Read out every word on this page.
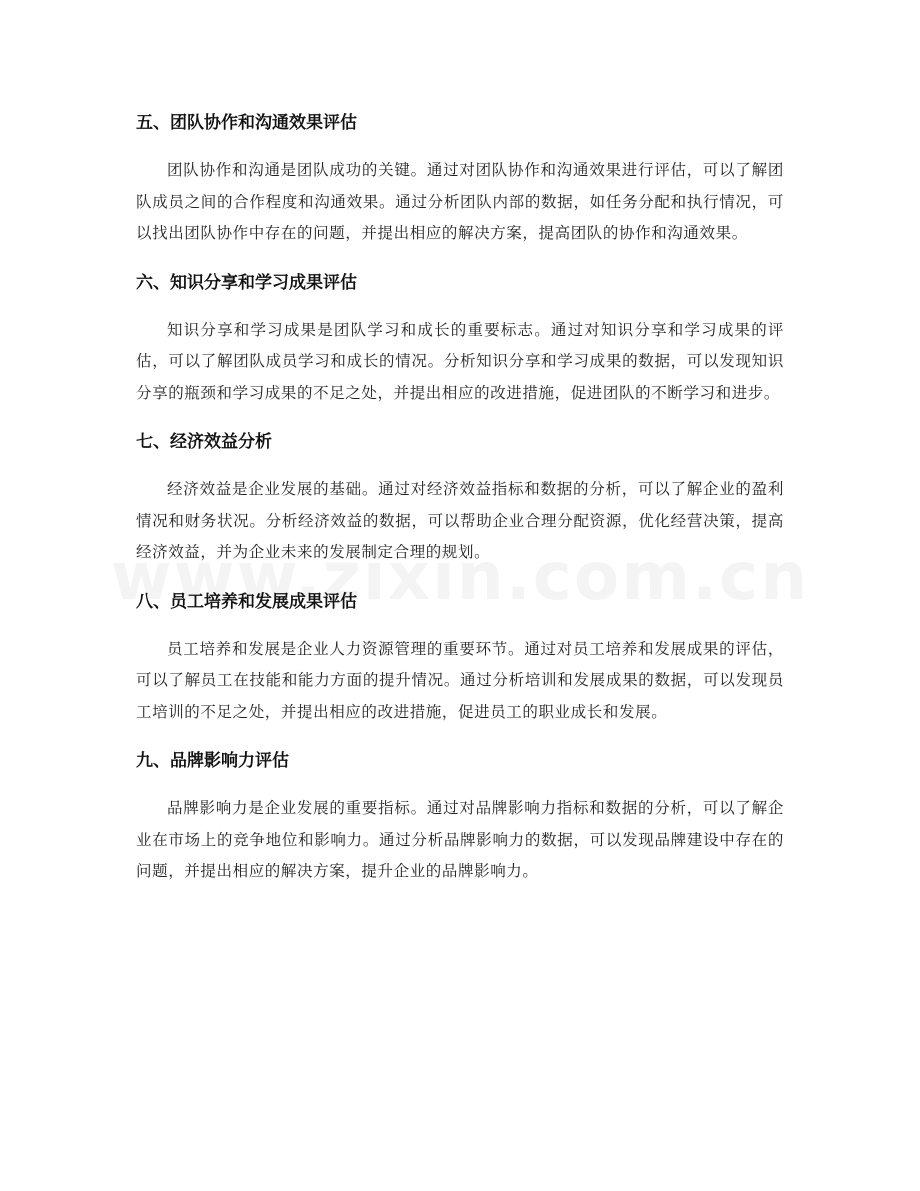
五、团队协作和沟通效果评估

团队协作和沟通是团队成功的关键。通过对团队协作和沟通效果进行评估，可以了解团队成员之间的合作程度和沟通效果。通过分析团队内部的数据，如任务分配和执行情况，可以找出团队协作中存在的问题，并提出相应的解决方案，提高团队的协作和沟通效果。

六、知识分享和学习成果评估

知识分享和学习成果是团队学习和成长的重要标志。通过对知识分享和学习成果的评估，可以了解团队成员学习和成长的情况。分析知识分享和学习成果的数据，可以发现知识分享的瓶颈和学习成果的不足之处，并提出相应的改进措施，促进团队的不断学习和进步。

七、经济效益分析

经济效益是企业发展的基础。通过对经济效益指标和数据的分析，可以了解企业的盈利情况和财务状况。分析经济效益的数据，可以帮助企业合理分配资源，优化经营决策，提高经济效益，并为企业未来的发展制定合理的规划。

八、员工培养和发展成果评估

员工培养和发展是企业人力资源管理的重要环节。通过对员工培养和发展成果的评估，可以了解员工在技能和能力方面的提升情况。通过分析培训和发展成果的数据，可以发现员工培训的不足之处，并提出相应的改进措施，促进员工的职业成长和发展。

九、品牌影响力评估

品牌影响力是企业发展的重要指标。通过对品牌影响力指标和数据的分析，可以了解企业在市场上的竞争地位和影响力。通过分析品牌影响力的数据，可以发现品牌建设中存在的问题，并提出相应的解决方案，提升企业的品牌影响力。
